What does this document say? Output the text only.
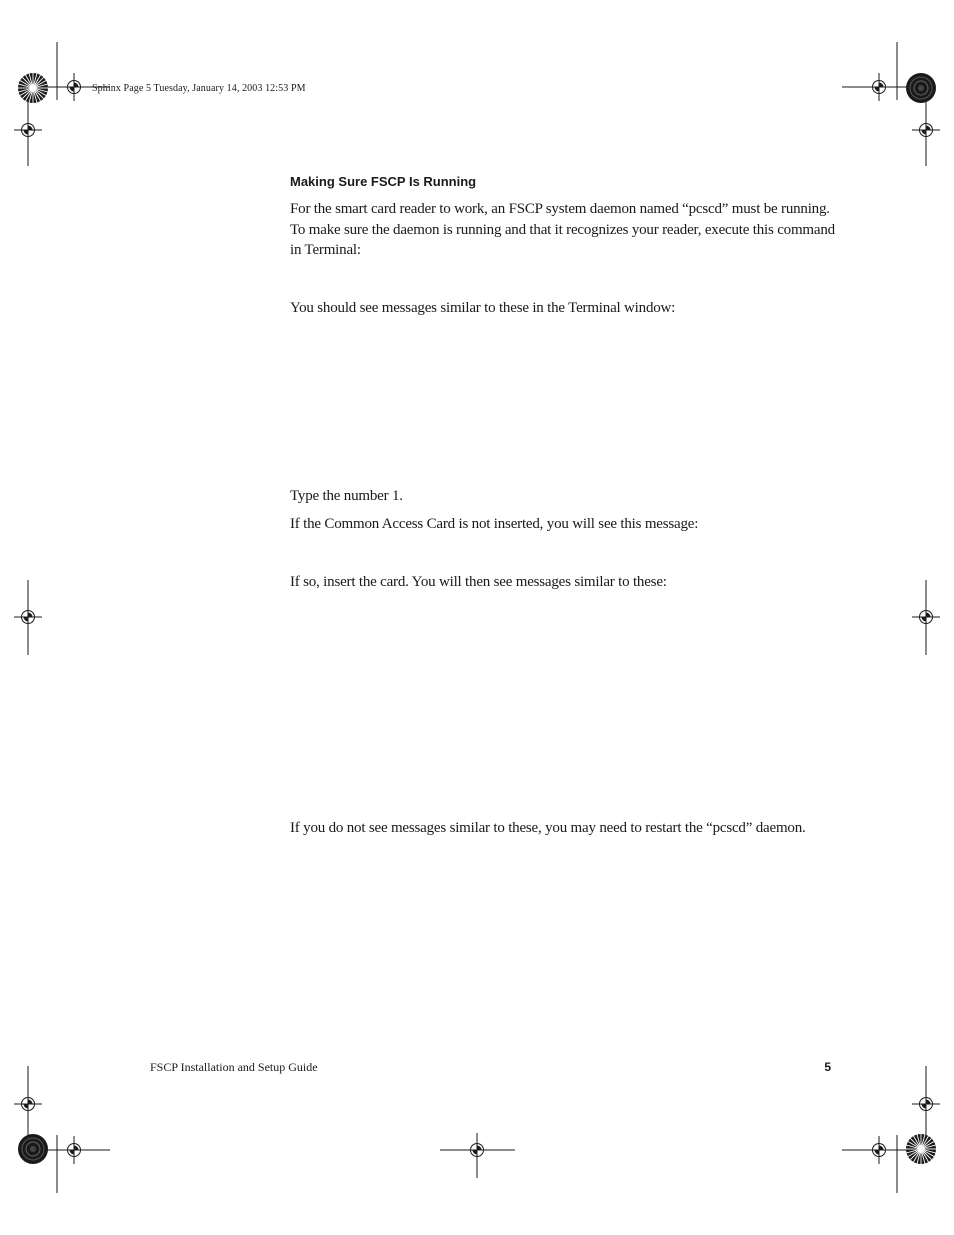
Sphinx Page 5 Tuesday, January 14, 2003 12:53 PM
Making Sure FSCP Is Running

For the smart card reader to work, an FSCP system daemon named “pcscd” must be running. To make sure the daemon is running and that it recognizes your reader, execute this command in Terminal:

You should see messages similar to these in the Terminal window:

Type the number 1.

If the Common Access Card is not inserted, you will see this message:

If so, insert the card. You will then see messages similar to these:

If you do not see messages similar to these, you may need to restart the “pcscd” daemon.

FSCP Installation and Setup Guide	5
